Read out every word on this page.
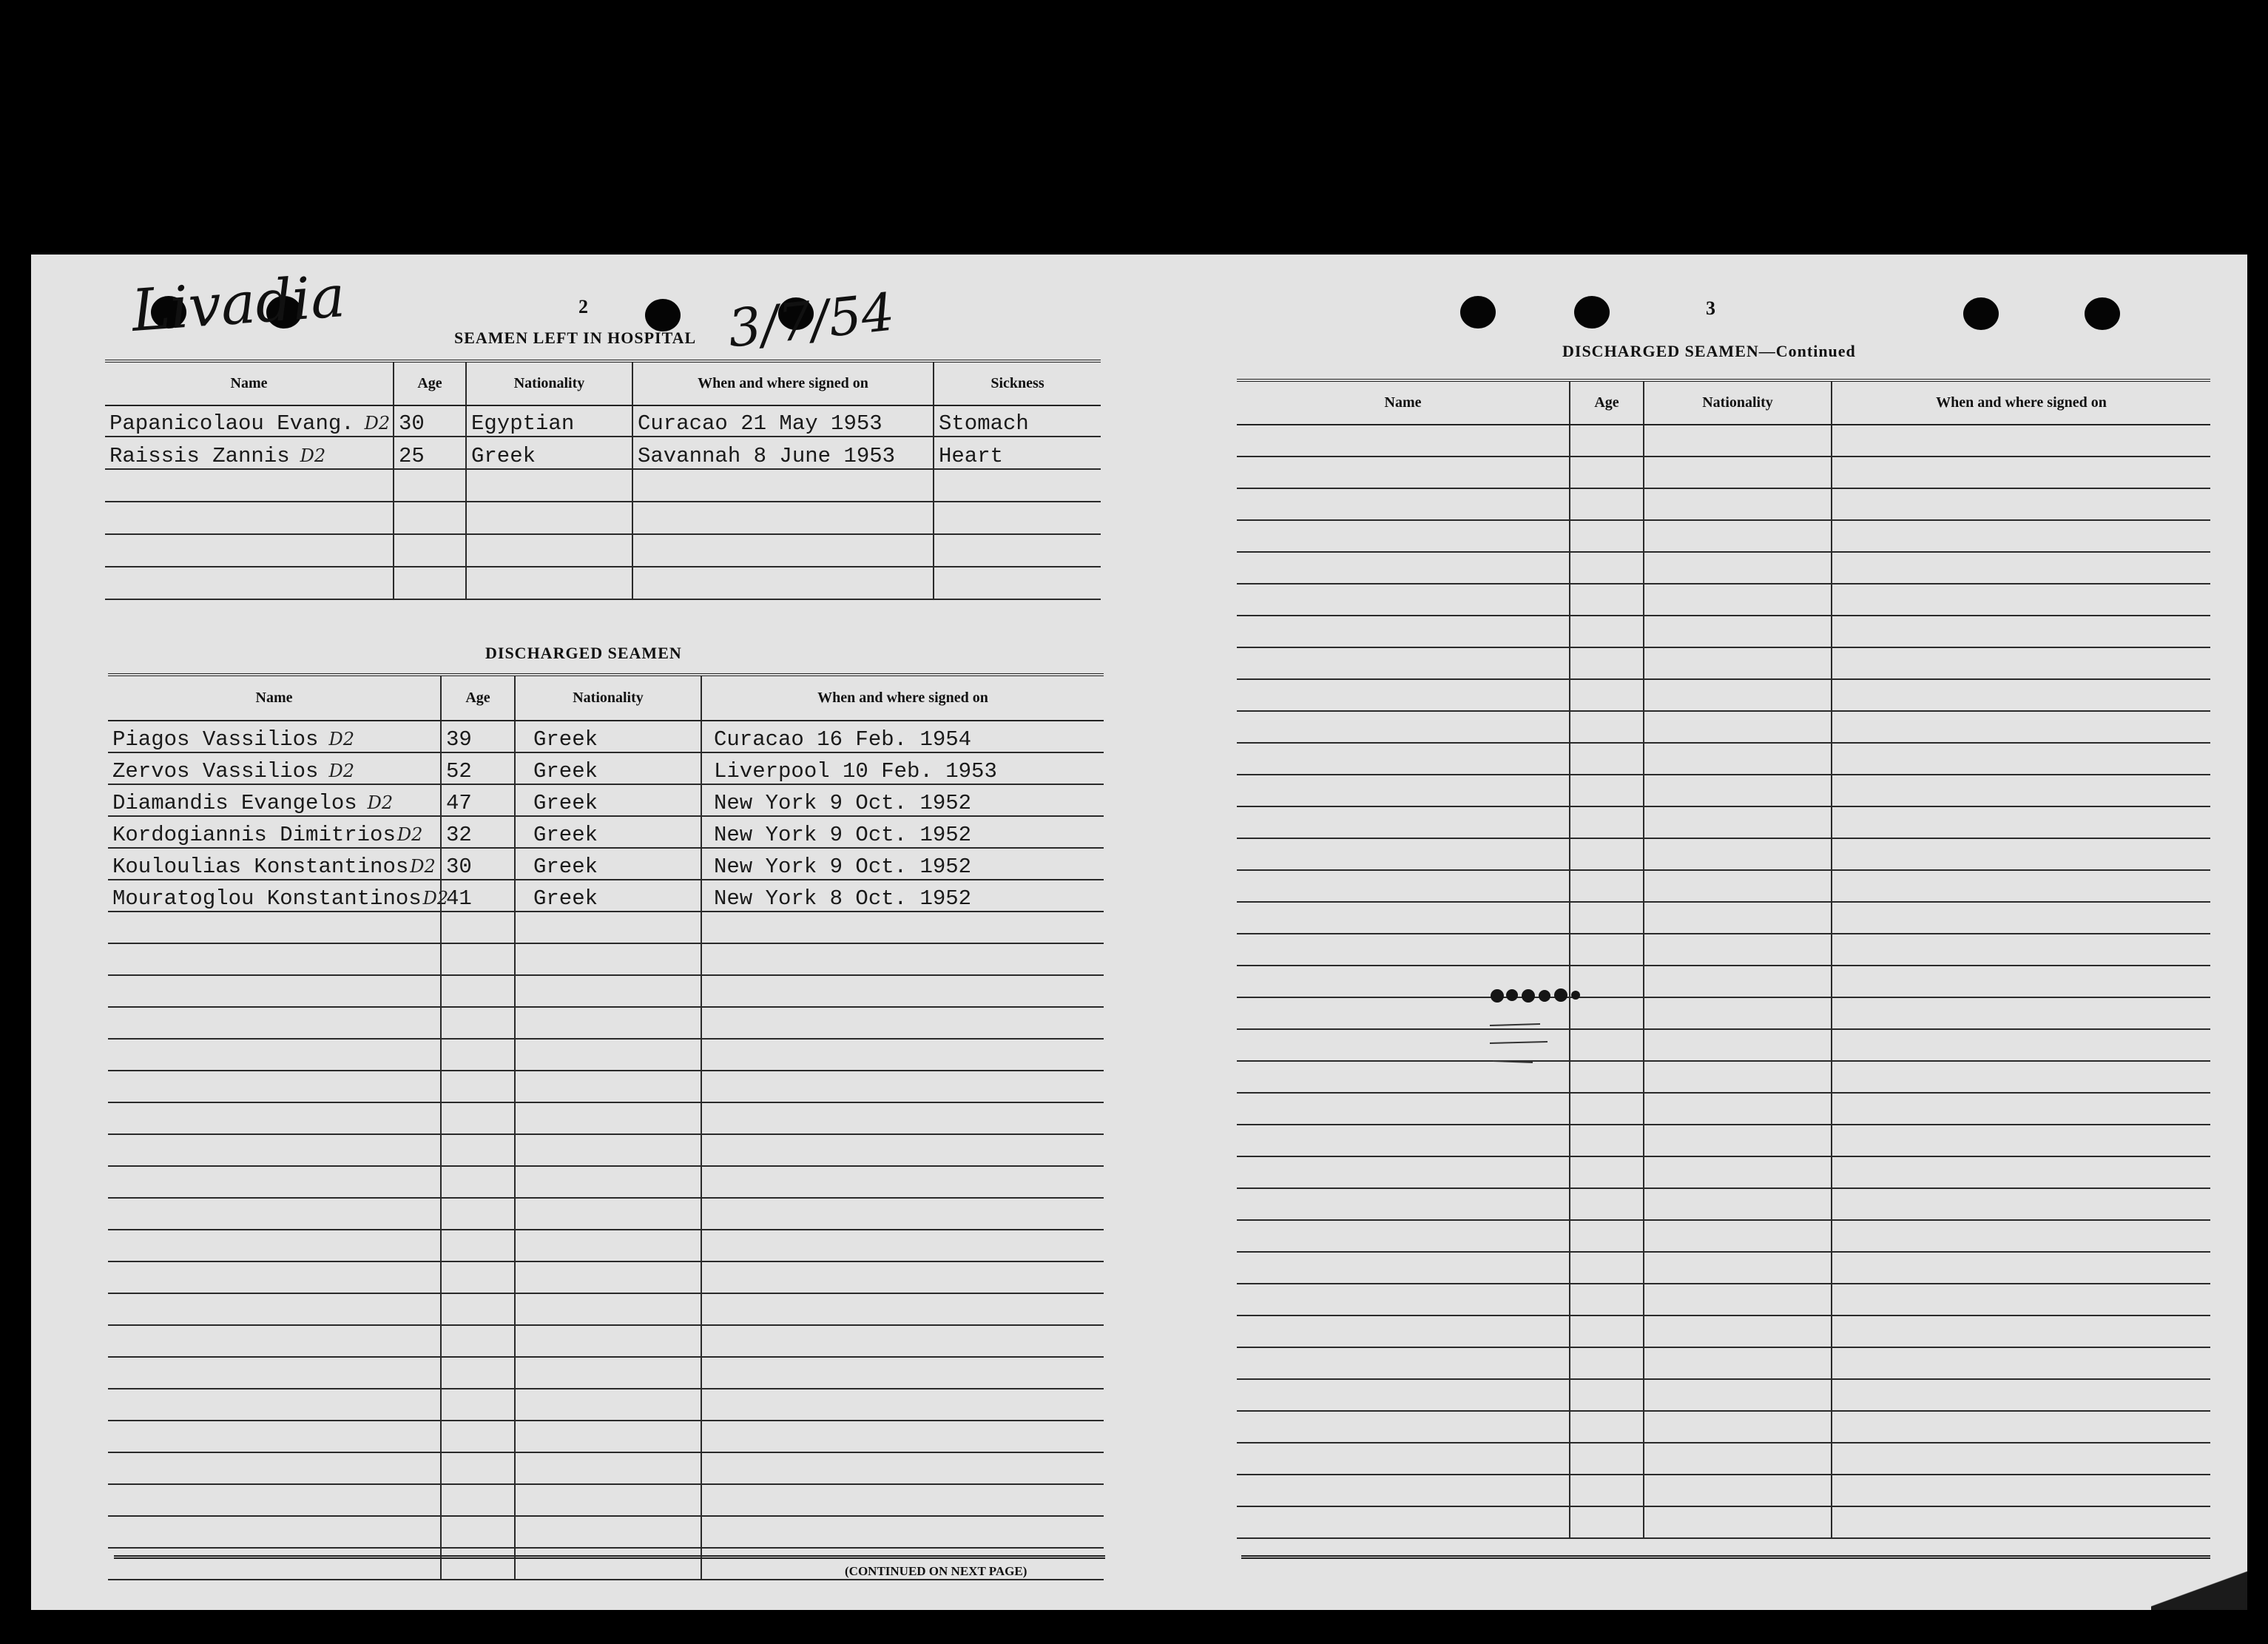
Livadia	2
SEAMEN LEFT IN HOSPITAL 3/7/54
Name	Age	Nationality	When and where signed on	Sickness
Papanicolaou Evang. D2	30	Egyptian	Curacao 21 May 1953	Stomach
Raissis Zannis D2	25	Greek	Savannah 8 June 1953	Heart

DISCHARGED SEAMEN
Name	Age	Nationality	When and where signed on
Piagos Vassilios D2	39	Greek	Curacao 16 Feb. 1954
Zervos Vassilios D2	52	Greek	Liverpool 10 Feb. 1953
Diamandis Evangelos D2	47	Greek	New York 9 Oct. 1952
Kordogiannis DimitriosD2	32	Greek	New York 9 Oct. 1952
Kouloulias KonstantinosD2	30	Greek	New York 9 Oct. 1952
Mouratoglou KonstantinosD2	41	Greek	New York 8 Oct. 1952

(CONTINUED ON NEXT PAGE)
3
DISCHARGED SEAMEN—Continued
Name	Age	Nationality	When and where signed on
